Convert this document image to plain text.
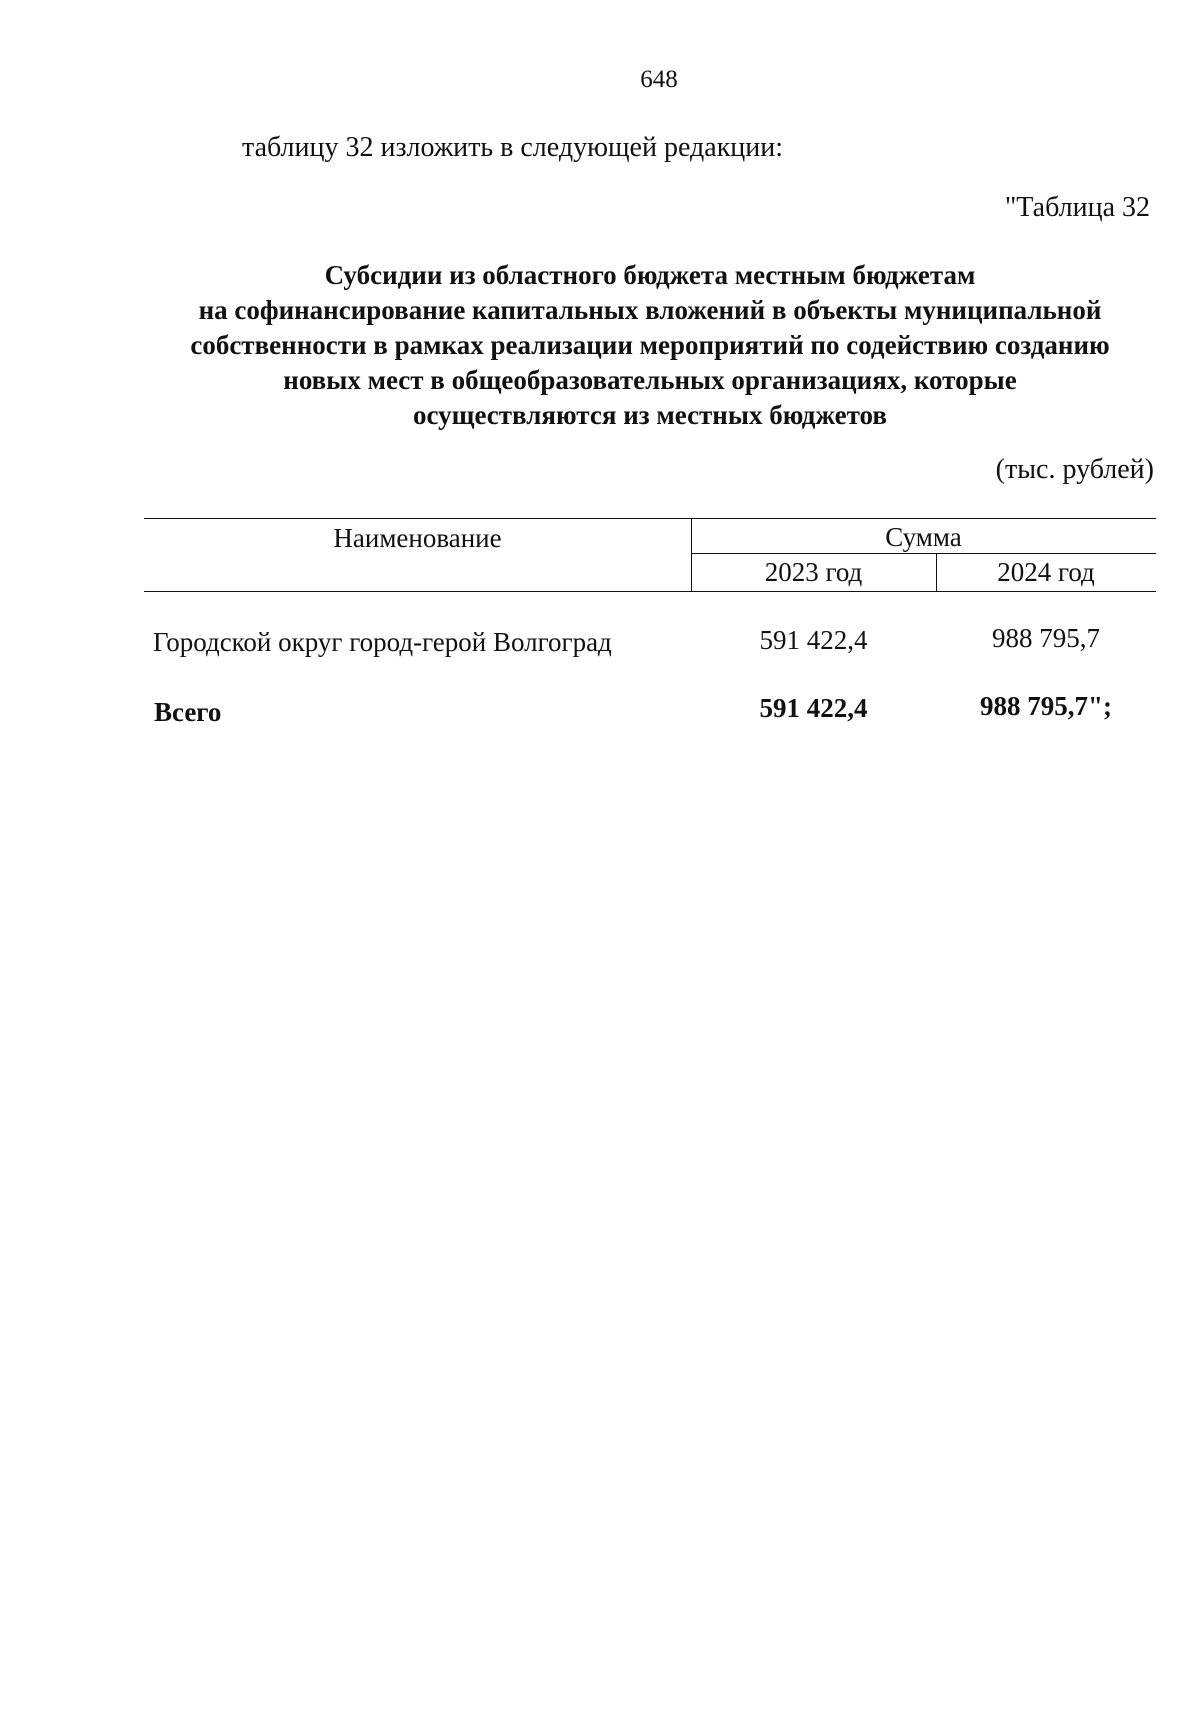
648
таблицу 32 изложить в следующей редакции:
"Таблица 32
Субсидии из областного бюджета местным бюджетам
на софинансирование капитальных вложений в объекты муниципальной
собственности в рамках реализации мероприятий по содействию созданию
новых мест в общеобразовательных организациях, которые
осуществляются из местных бюджетов
(тыс. рублей)
Наименование	Сумма
2023 год	2024 год
Городской округ город-герой Волгоград	591 422,4	988 795,7
Всего	591 422,4	988 795,7";
